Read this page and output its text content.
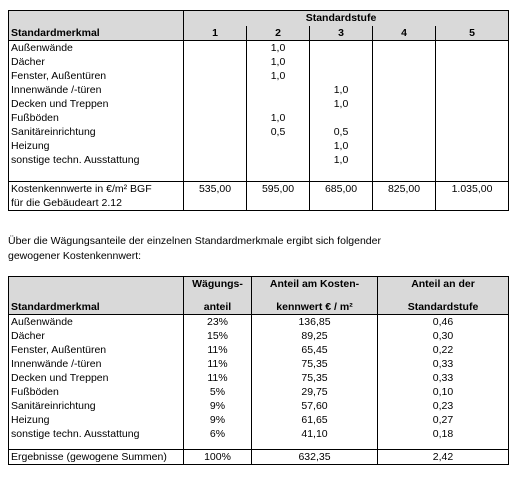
		Standardstufe			
Standardmerkmal	1	2	3	4	5
Außenwände		1,0			
Dächer		1,0			
Fenster, Außentüren		1,0			
Innenwände /-türen			1,0		
Decken und Treppen			1,0		
Fußböden		1,0			
Sanitäreinrichtung		0,5	0,5		
Heizung			1,0		
sonstige techn. Ausstattung			1,0		

Kostenkennwerte in €/m² BGF	535,00	595,00	685,00	825,00	1.035,00
für die Gebäudeart 2.12					
Über die Wägungsanteile der einzelnen Standardmerkmale ergibt sich folgender
gewogener Kostenkennwert:
	Wägungs-	Anteil am Kosten-	Anteil an der

Standardmerkmal	anteil	kennwert € / m²	Standardstufe
Außenwände	23%	136,85	0,46
Dächer	15%	89,25	0,30
Fenster, Außentüren	11%	65,45	0,22
Innenwände /-türen	11%	75,35	0,33
Decken und Treppen	11%	75,35	0,33
Fußböden	5%	29,75	0,10
Sanitäreinrichtung	9%	57,60	0,23
Heizung	9%	61,65	0,27
sonstige techn. Ausstattung	6%	41,10	0,18

Ergebnisse (gewogene Summen)	100%	632,35	2,42
